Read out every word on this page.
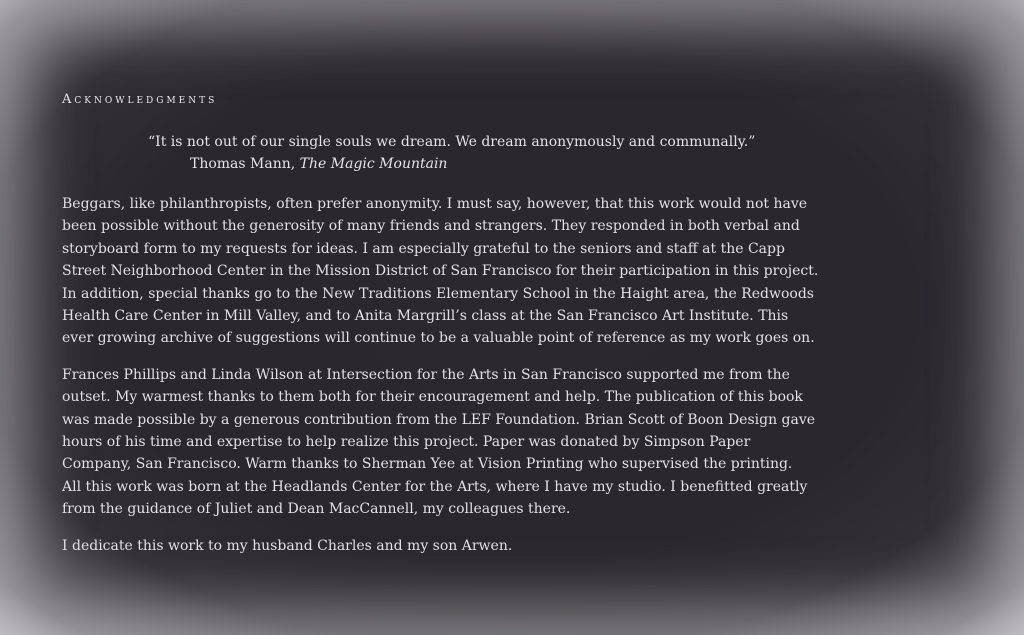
Acknowledgments
“It is not out of our single souls we dream. We dream anonymously and communally.”
Thomas Mann, The Magic Mountain
Beggars, like philanthropists, often prefer anonymity. I must say, however, that this work would not have
been possible without the generosity of many friends and strangers. They responded in both verbal and
storyboard form to my requests for ideas. I am especially grateful to the seniors and staff at the Capp
Street Neighborhood Center in the Mission District of San Francisco for their participation in this project.
In addition, special thanks go to the New Traditions Elementary School in the Haight area, the Redwoods
Health Care Center in Mill Valley, and to Anita Margrill’s class at the San Francisco Art Institute. This
ever growing archive of suggestions will continue to be a valuable point of reference as my work goes on.
Frances Phillips and Linda Wilson at Intersection for the Arts in San Francisco supported me from the
outset. My warmest thanks to them both for their encouragement and help. The publication of this book
was made possible by a generous contribution from the LEF Foundation. Brian Scott of Boon Design gave
hours of his time and expertise to help realize this project. Paper was donated by Simpson Paper
Company, San Francisco. Warm thanks to Sherman Yee at Vision Printing who supervised the printing.
All this work was born at the Headlands Center for the Arts, where I have my studio. I benefitted greatly
from the guidance of Juliet and Dean MacCannell, my colleagues there.
I dedicate this work to my husband Charles and my son Arwen.
